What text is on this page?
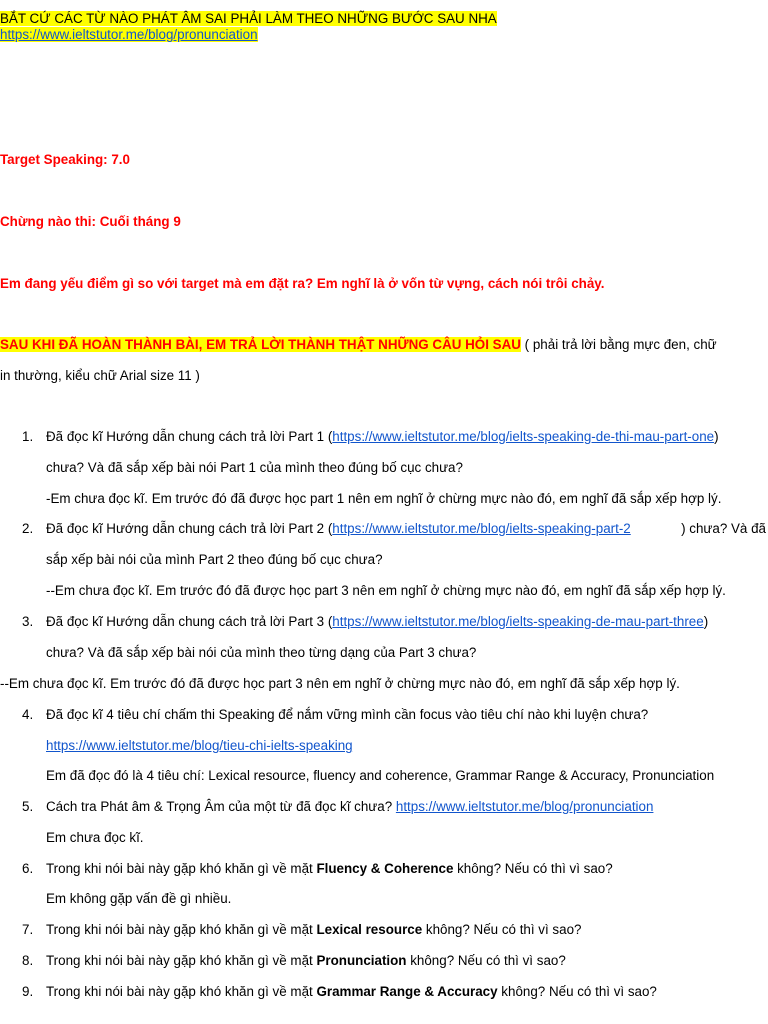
BẮT CỨ CÁC TỪ NÀO PHÁT ÂM SAI PHẢI LÀM THEO NHỮNG BƯỚC SAU NHA
https://www.ieltstutor.me/blog/pronunciation
Target Speaking: 7.0
Chừng nào thi: Cuối tháng 9
Em đang yếu điểm gì so với target mà em đặt ra? Em nghĩ là ở vốn từ vựng, cách nói trôi chảy.
SAU KHI ĐÃ HOÀN THÀNH BÀI, EM TRẢ LỜI THÀNH THẬT NHỮNG CÂU HỎI SAU ( phải trả lời bằng mực đen, chữ
in thường, kiểu chữ Arial size 11 )
1. Đã đọc kĩ Hướng dẫn chung cách trả lời Part 1 (https://www.ieltstutor.me/blog/ielts-speaking-de-thi-mau-part-one)
chưa? Và đã sắp xếp bài nói Part 1 của mình theo đúng bố cục chưa?
-Em chưa đọc kĩ. Em trước đó đã được học part 1 nên em nghĩ ở chừng mực nào đó, em nghĩ đã sắp xếp hợp lý.
2. Đã đọc kĩ Hướng dẫn chung cách trả lời Part 2 (https://www.ieltstutor.me/blog/ielts-speaking-part-2	) chưa? Và đã
sắp xếp bài nói của mình Part 2 theo đúng bố cục chưa?
--Em chưa đọc kĩ. Em trước đó đã được học part 3 nên em nghĩ ở chừng mực nào đó, em nghĩ đã sắp xếp hợp lý.
3. Đã đọc kĩ Hướng dẫn chung cách trả lời Part 3 (https://www.ieltstutor.me/blog/ielts-speaking-de-mau-part-three)
chưa? Và đã sắp xếp bài nói của mình theo từng dạng của Part 3 chưa?
--Em chưa đọc kĩ. Em trước đó đã được học part 3 nên em nghĩ ở chừng mực nào đó, em nghĩ đã sắp xếp hợp lý.
4. Đã đọc kĩ 4 tiêu chí chấm thi Speaking để nắm vững mình cần focus vào tiêu chí nào khi luyện chưa?
https://www.ieltstutor.me/blog/tieu-chi-ielts-speaking
Em đã đọc đó là 4 tiêu chí: Lexical resource, fluency and coherence, Grammar Range & Accuracy, Pronunciation
5. Cách tra Phát âm & Trọng Âm của một từ đã đọc kĩ chưa? https://www.ieltstutor.me/blog/pronunciation
Em chưa đọc kĩ.
6. Trong khi nói bài này gặp khó khăn gì về mặt Fluency & Coherence không? Nếu có thì vì sao?
Em không gặp vấn đề gì nhiều.
7. Trong khi nói bài này gặp khó khăn gì về mặt Lexical resource không? Nếu có thì vì sao?
8. Trong khi nói bài này gặp khó khăn gì về mặt Pronunciation không? Nếu có thì vì sao?
9. Trong khi nói bài này gặp khó khăn gì về mặt Grammar Range & Accuracy không? Nếu có thì vì sao?
